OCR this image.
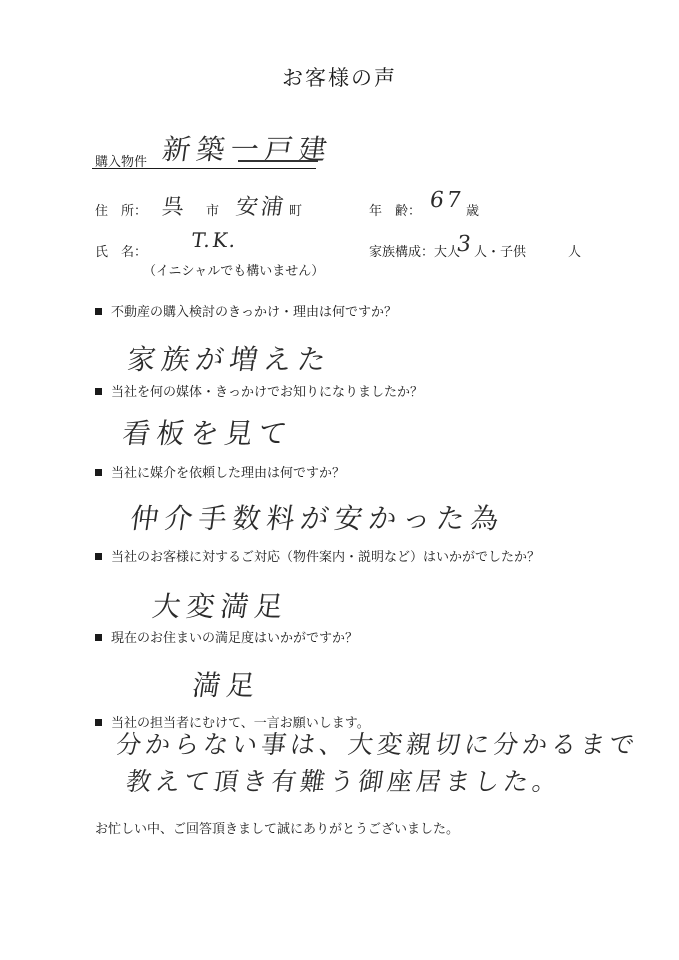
お客様の声
購入物件 新築一戸建
住　所： 呉 市 安浦 町	年　齢： 67 歳
氏　名：
T.K.
（イニシャルでも構いません）
家族構成：大人
3
人・子供	人
不動産の購入検討のきっかけ・理由は何ですか？
家族が増えた
当社を何の媒体・きっかけでお知りになりましたか？
看板を見て
当社に媒介を依頼した理由は何ですか？
仲介手数料が安かった為
当社のお客様に対するご対応（物件案内・説明など）はいかがでしたか？
大変満足
現在のお住まいの満足度はいかがですか？
満足
当社の担当者にむけて、一言お願いします。
分からない事は、大変親切に分かるまで
教えて頂き有難う御座居ました。
お忙しい中、ご回答頂きまして誠にありがとうございました。
